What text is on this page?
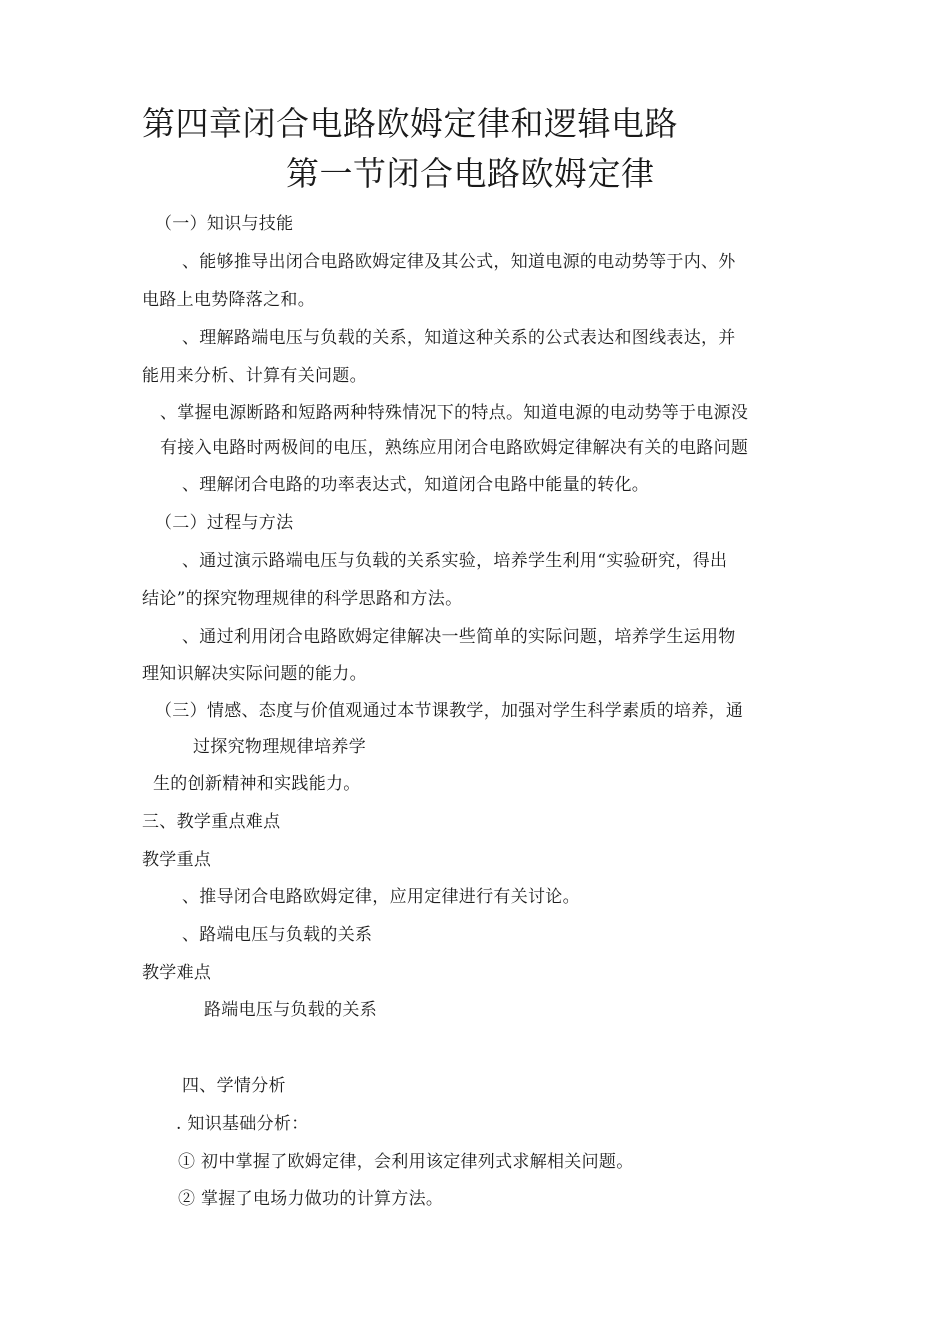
第四章闭合电路欧姆定律和逻辑电路
第一节闭合电路欧姆定律
（一）知识与技能
、能够推导出闭合电路欧姆定律及其公式，知道电源的电动势等于内、外
电路上电势降落之和。
、理解路端电压与负载的关系，知道这种关系的公式表达和图线表达，并
能用来分析、计算有关问题。
、掌握电源断路和短路两种特殊情况下的特点。知道电源的电动势等于电源没
有接入电路时两极间的电压，熟练应用闭合电路欧姆定律解决有关的电路问题
、理解闭合电路的功率表达式，知道闭合电路中能量的转化。
（二）过程与方法
、通过演示路端电压与负载的关系实验，培养学生利用“实验研究，得出
结论”的探究物理规律的科学思路和方法。
、通过利用闭合电路欧姆定律解决一些简单的实际问题，培养学生运用物
理知识解决实际问题的能力。
（三）情感、态度与价值观通过本节课教学，加强对学生科学素质的培养，通
过探究物理规律培养学
生的创新精神和实践能力。
三、教学重点难点
教学重点
、推导闭合电路欧姆定律，应用定律进行有关讨论。
、路端电压与负载的关系
教学难点
路端电压与负载的关系
四、学情分析
. 知识基础分析：
① 初中掌握了欧姆定律，会利用该定律列式求解相关问题。
② 掌握了电场力做功的计算方法。
